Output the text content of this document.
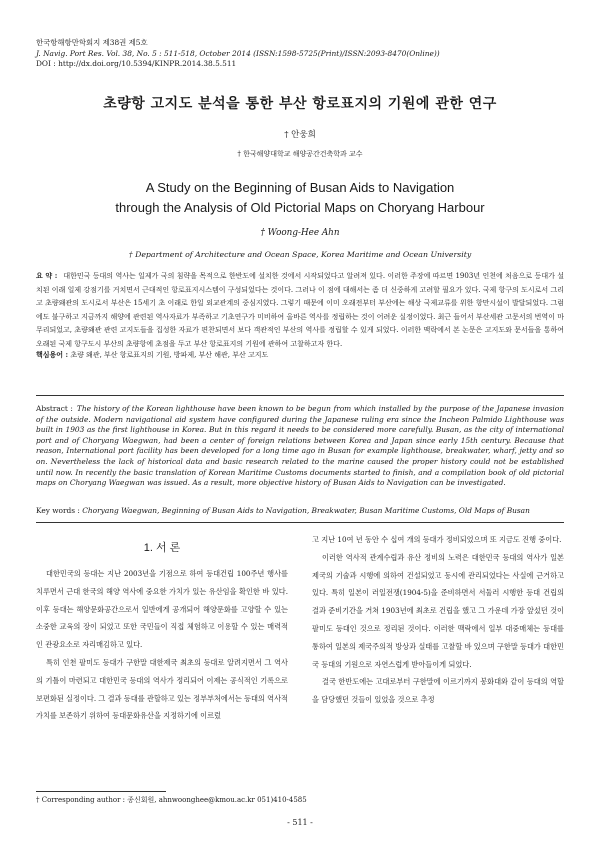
한국항해항만학회지 제38권 제5호
J. Navig. Port Res. Vol. 38, No. 5 : 511-518, October 2014 (ISSN:1598-5725(Print)/ISSN:2093-8470(Online))
DOI : http://dx.doi.org/10.5394/KINPR.2014.38.5.511
초량항 고지도 분석을 통한 부산 항로표지의 기원에 관한 연구
† 안웅희
† 한국해양대학교 해양공간건축학과 교수
A Study on the Beginning of Busan Aids to Navigation
through the Analysis of Old Pictorial Maps on Choryang Harbour
† Woong-Hee Ahn
† Department of Architecture and Ocean Space, Korea Maritime and Ocean University
요 약 : 대한민국 등대의 역사는 일제가 국의 침략을 목적으로 한반도에 설치한 것에서 시작되었다고 알려져 있다. 이러한 주장에 따르면 1903년 인천에 처음으로 등대가 설치된 이래 일제 강점기를 거치면서 근대적인 항로표지시스템이 구성되었다는 것이다. 그러나 이 점에 대해서는 좀 더 신중하게 고려할 필요가 있다. 국제 항구의 도시로서 그리고 초량왜관의 도시로서 부산은 15세기 초 이래로 한일 외교관계의 중심지였다. 그렇기 때문에 이미 오래전부터 부산에는 해상 국제교류를 위한 항만시설이 발달되었다. 그럼에도 불구하고 지금까지 해양에 관련된 역사자료가 부족하고 기초연구가 미비하여 올바른 역사를 정립하는 것이 어려운 실정이었다. 최근 들어서 부산세관 고문서의 번역이 마무리되었고, 초량왜관 관련 고지도들을 집성한 자료가 편찬되면서 보다 객관적인 부산의 역사를 정립할 수 있게 되었다. 이러한 맥락에서 본 논문은 고지도와 문서들을 통하여 오래된 국제 항구도시 부산의 초량항에 초점을 두고 부산 항로표지의 기원에 관하여 고찰하고자 한다.
핵심용어 : 초량 왜관, 부산 항로표지의 기원, 방파제, 부산 해관, 부산 고지도
Abstract : The history of the Korean lighthouse have been known to be begun from which installed by the purpose of the Japanese invasion of the outside. Modern navigational aid system have configured during the Japanese ruling era since the Incheon Palmido Lighthouse was built in 1903 as the first lighthouse in Korea. But in this regard it needs to be considered more carefully. Busan, as the city of international port and of Choryang Waegwan, had been a center of foreign relations between Korea and Japan since early 15th century. Because that reason, International port facility has been developed for a long time ago in Busan for example lighthouse, breakwater, wharf, jetty and so on. Nevertheless the lack of historical data and basic research related to the marine caused the proper history could not be established until now. In recently the basic translation of Korean Maritime Customs documents started to finish, and a compilation book of old pictorial maps on Choryang Waegwan was issued. As a result, more objective history of Busan Aids to Navigation can be investigated.
Key words : Choryang Waegwan, Beginning of Busan Aids to Navigation, Breakwater, Busan Maritime Customs, Old Maps of Busan
1. 서 론

대한민국의 등대는 지난 2003년을 기점으로 하여 등대건립 100주년 행사를 치루면서 근대 한국의 해양 역사에 중요한 가치가 있는 유산임을 확인한 바 있다. 이후 등대는 해양문화공간으로서 일반에게 공개되어 해양문화를 고양할 수 있는 소중한 교육의 장이 되었고 또한 국민들이 직접 체험하고 이용할 수 있는 매력적인 관광요소로 자리매김하고 있다.

특히 인천 팔미도 등대가 구한말 대한제국 최초의 등대로 알려지면서 그 역사의 기틀이 마련되고 대한민국 등대의 역사가 정리되어 이제는 공식적인 기록으로 보편화된 실정이다. 그 결과 등대를 관할하고 있는 정부부처에서는 등대의 역사적 가치를 보존하기 위하여 등대문화유산을 지정하기에 이르렀

고 지난 10여 년 동안 수 십여 개의 등대가 정비되었으며 또 지금도 진행 중이다.

이러한 역사적 관계수립과 유산 정비의 노력은 대한민국 등대의 역사가 일본제국의 기술과 시행에 의하여 건설되었고 동시에 관리되었다는 사실에 근거하고 있다. 특히 일본이 러일전쟁(1904-5)을 준비하면서 서둘러 시행한 등대 건립의 결과 준비기간을 거쳐 1903년에 최초로 건립을 했고 그 가운데 가장 앞섰던 것이 팔미도 등대인 것으로 정리된 것이다. 이러한 맥락에서 일부 대중매체는 등대를 통하여 일본의 제국주의적 방상과 실태를 고찰할 바 있으며 구한말 등대가 대한민국 등대의 기원으로 자연스럽게 받아들이게 되었다.

결국 한반도에는 고대로부터 구한말에 이르기까지 봉화대와 같이 등대의 역할을 담당했던 것들이 있었을 것으로 추정

† Corresponding author : 종신회원, ahnwoonghee@kmou.ac.kr 051)410-4585
- 511 -
